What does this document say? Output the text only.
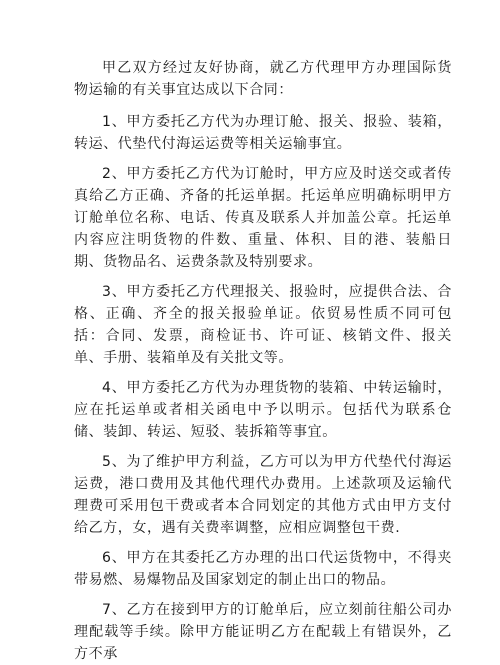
甲乙双方经过友好协商，就乙方代理甲方办理国际货物运输的有关事宜达成以下合同：

1、甲方委托乙方代为办理订舱、报关、报验、装箱，转运、代垫代付海运运费等相关运输事宜。

2、甲方委托乙方代为订舱时，甲方应及时送交或者传真给乙方正确、齐备的托运单据。托运单应明确标明甲方订舱单位名称、电话、传真及联系人并加盖公章。托运单内容应注明货物的件数、重量、体积、目的港、装船日期、货物品名、运费条款及特别要求。

3、甲方委托乙方代理报关、报验时，应提供合法、合格、正确、齐全的报关报验单证。依贸易性质不同可包括：合同、发票，商检证书、许可证、核销文件、报关单、手册、装箱单及有关批文等。

4、甲方委托乙方代为办理货物的装箱、中转运输时，应在托运单或者相关函电中予以明示。包括代为联系仓储、装卸、转运、短驳、装拆箱等事宜。

5、为了维护甲方利益，乙方可以为甲方代垫代付海运运费，港口费用及其他代理代办费用。上述款项及运输代理费可采用包干费或者本合同划定的其他方式由甲方支付给乙方，女，遇有关费率调整，应相应调整包干费.

6、甲方在其委托乙方办理的出口代运货物中，不得夹带易燃、易爆物品及国家划定的制止出口的物品。

7、乙方在接到甲方的订舱单后，应立刻前往船公司办理配载等手续。除甲方能证明乙方在配载上有错误外，乙方不承
